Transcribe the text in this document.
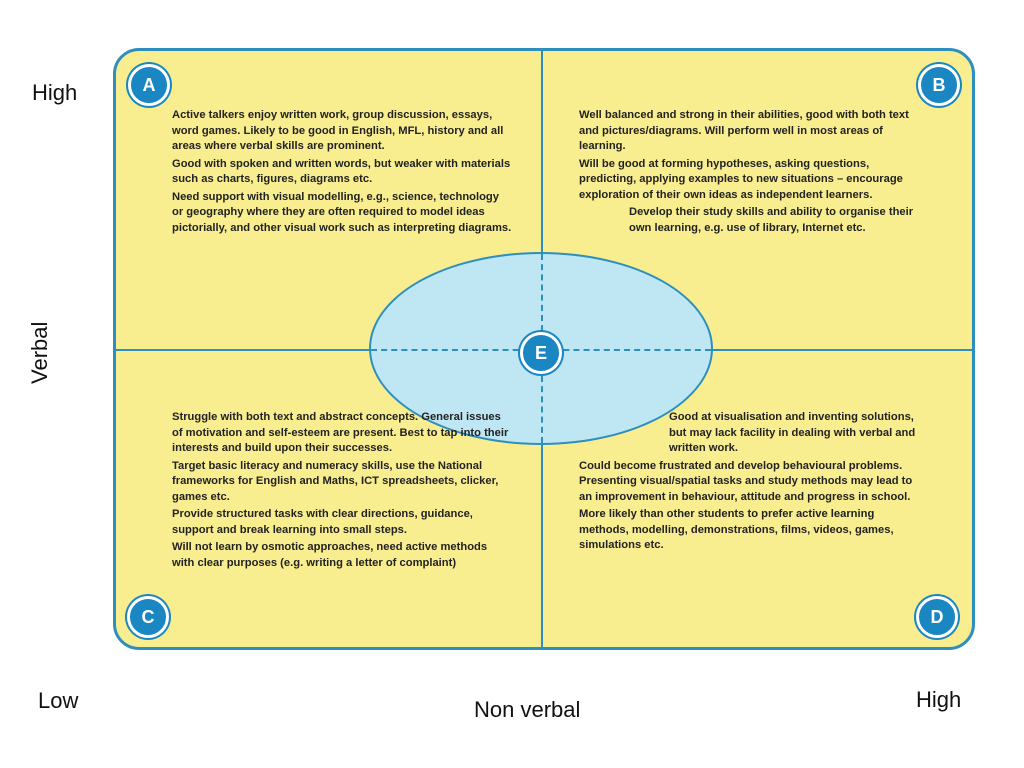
High
Verbal
Low	Non verbal	High

Active talkers enjoy written work, group discussion, essays, word games. Likely to be good in English, MFL, history and all areas where verbal skills are prominent.

Good with spoken and written words, but weaker with materials such as charts, figures, diagrams etc.

Need support with visual modelling, e.g., science, technology or geography where they are often required to model ideas pictorially, and other visual work such as interpreting diagrams.

Well balanced and strong in their abilities, good with both text and pictures/diagrams. Will perform well in most areas of learning.

Will be good at forming hypotheses, asking questions, predicting, applying examples to new situations – encourage exploration of their own ideas as independent learners.

Develop their study skills and ability to organise their own learning, e.g. use of library, Internet etc.

Struggle with both text and abstract concepts. General issues of motivation and self-esteem are present. Best to tap into their interests and build upon their successes.

Target basic literacy and numeracy skills, use the National frameworks for English and Maths, ICT spreadsheets, clicker, games etc.

Provide structured tasks with clear directions, guidance, support and break learning into small steps.

Will not learn by osmotic approaches, need active methods with clear purposes (e.g. writing a letter of complaint)

Good at visualisation and inventing solutions, but may lack facility in dealing with verbal and written work.

Could become frustrated and develop behavioural problems. Presenting visual/spatial tasks and study methods may lead to an improvement in behaviour, attitude and progress in school.

More likely than other students to prefer active learning methods, modelling, demonstrations, films, videos, games, simulations etc.

A	B
C	D
E
